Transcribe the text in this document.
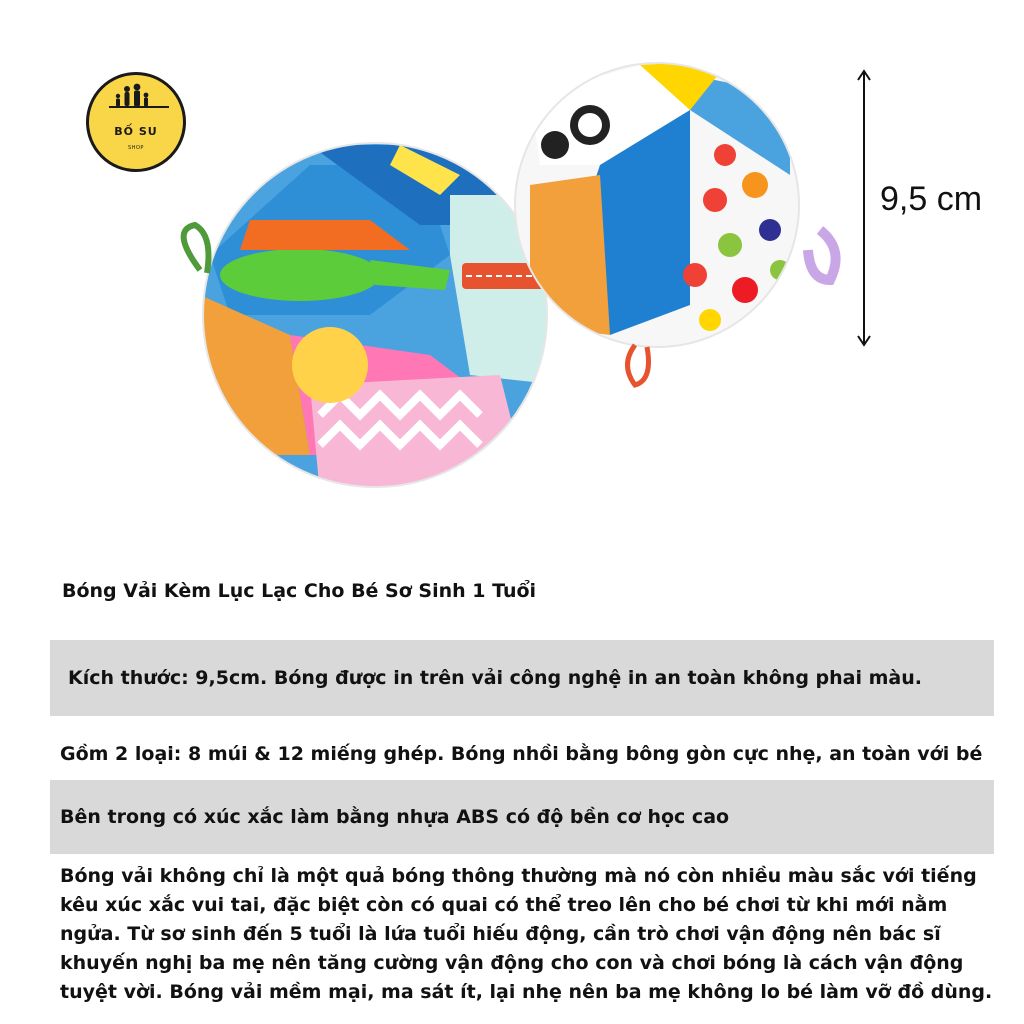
BỐ SU
SHOP
9,5 cm
Bóng Vải Kèm Lục Lạc Cho Bé Sơ Sinh 1 Tuổi
Kích thước: 9,5cm. Bóng được in trên vải công nghệ in an toàn không phai màu.
Gồm 2 loại: 8 múi & 12 miếng ghép. Bóng nhồi bằng bông gòn cực nhẹ, an toàn với bé
Bên trong có xúc xắc làm bằng nhựa ABS có độ bền cơ học cao
Bóng vải không chỉ là một quả bóng thông thường mà nó còn nhiều màu sắc với tiếng kêu xúc xắc vui tai, đặc biệt còn có quai có thể treo lên cho bé chơi từ khi mới nằm ngửa. Từ sơ sinh đến 5 tuổi là lứa tuổi hiếu động, cần trò chơi vận động nên bác sĩ khuyến nghị ba mẹ nên tăng cường vận động cho con và chơi bóng là cách vận động tuyệt vời. Bóng vải mềm mại, ma sát ít, lại nhẹ nên ba mẹ không lo bé làm vỡ đồ dùng.
